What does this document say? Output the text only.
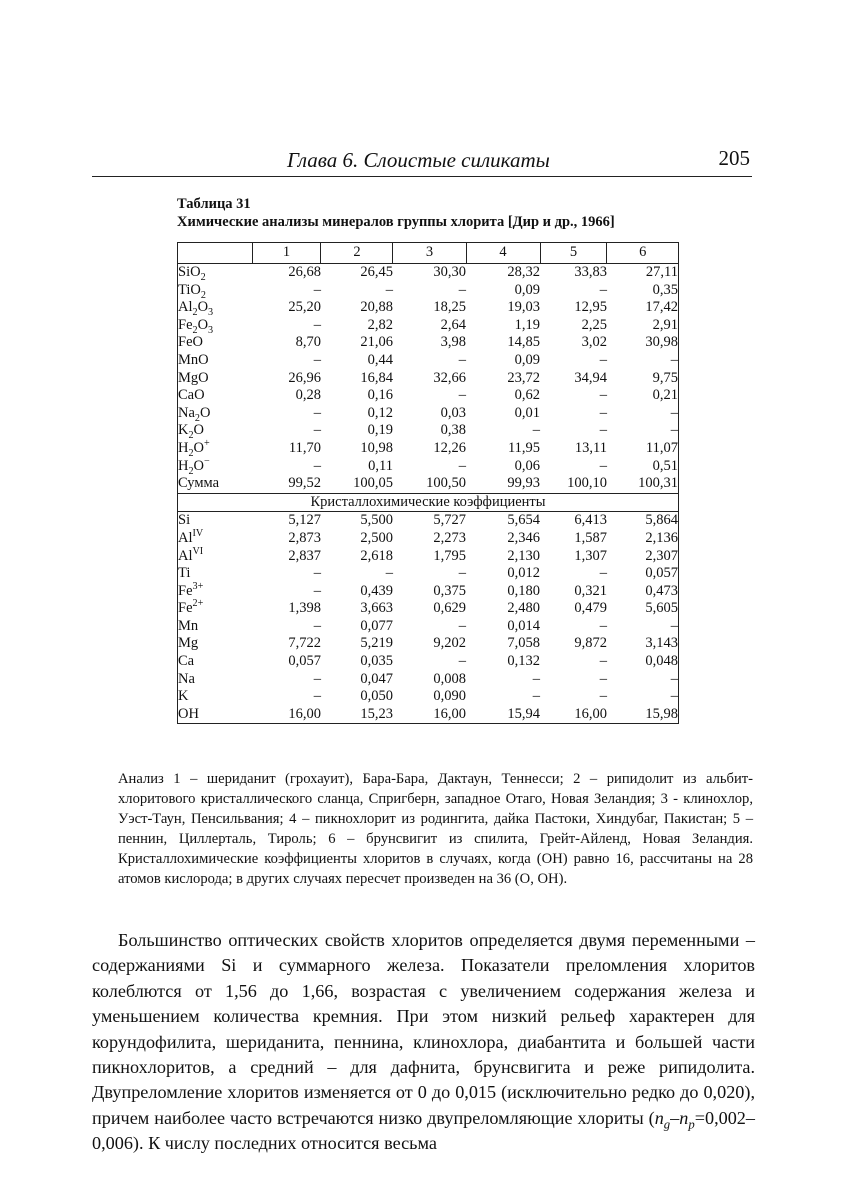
Глава 6. Слоистые силикаты	205
Таблица 31
Химические анализы минералов группы хлорита [Дир и др., 1966]
	1	2	3	4	5	6
SiO$_2$	26,68	26,45	30,30	28,32	33,83	27,11
TiO$_2$	–	–	–	0,09	–	0,35
$Al_2O_3$	25,20	20,88	18,25	19,03	12,95	17,42
$Fe_2O_3$	–	2,82	2,64	1,19	2,25	2,91
FeO	8,70	21,06	3,98	14,85	3,02	30,98
MnO	–	0,44	–	0,09	–	–
MgO	26,96	16,84	32,66	23,72	34,94	9,75
CaO	0,28	0,16	–	0,62	–	0,21
$Na_2O$	–	0,12	0,03	0,01	–	–
$K_2O$	–	0,19	0,38	–	–	–
$H_2O^+$	11,70	10,98	12,26	11,95	13,11	11,07
$H_2O^-$	–	0,11	–	0,06	–	0,51
Сумма	99,52	100,05	100,50	99,93	100,10	100,31
Кристаллохимические коэффициенты						
Si	5,127	5,500	5,727	5,654	6,413	5,864
$Al^{IV}$	2,873	2,500	2,273	2,346	1,587	2,136
$Al^{VI}$	2,837	2,618	1,795	2,130	1,307	2,307
Ti	–	–	–	0,012	–	0,057
$Fe^{3+}$	–	0,439	0,375	0,180	0,321	0,473
$Fe^{2+}$	1,398	3,663	0,629	2,480	0,479	5,605
Mn	–	0,077	–	0,014	–	–
Mg	7,722	5,219	9,202	7,058	9,872	3,143
Ca	0,057	0,035	–	0,132	–	0,048
Na	–	0,047	0,008	–	–	–
K	–	0,050	0,090	–	–	–
OH	16,00	15,23	16,00	15,94	16,00	15,98

Анализ 1 – шериданит (грохауит), Бара-Бара, Дактаун, Теннесси; 2 – рипидолит из альбит-хлоритового кристаллического сланца, Спригберн, западное Отаго, Новая Зеландия; 3 - клинохлор, Уэст-Таун, Пенсильвания; 4 – пикнохлорит из родингита, дайка Пастоки, Хиндубаг, Пакистан; 5 – пеннин, Циллерталь, Тироль; 6 – брунсвигит из спилита, Грейт-Айленд, Новая Зеландия. Кристаллохимические коэффициенты хлоритов в случаях, когда (ОН) равно 16, рассчитаны на 28 атомов кислорода; в других случаях пересчет произведен на 36 (О, ОН).

Большинство оптических свойств хлоритов определяется двумя переменными – содержаниями Si и суммарного железа. Показатели преломления хлоритов колеблются от 1,56 до 1,66, возрастая с увеличением содержания железа и уменьшением количества кремния. При этом низкий рельеф характерен для корундофилита, шериданита, пеннина, клинохлора, диабантита и большей части пикнохлоритов, а средний – для дафнита, брунсвигита и реже рипидолита. Двупреломление хлоритов изменяется от 0 до 0,015 (исключительно редко до 0,020), причем наиболее часто встречаются низко двупреломляющие хлориты $(n_g-n_p=0,002-0,006)$. К числу последних относится весьма
